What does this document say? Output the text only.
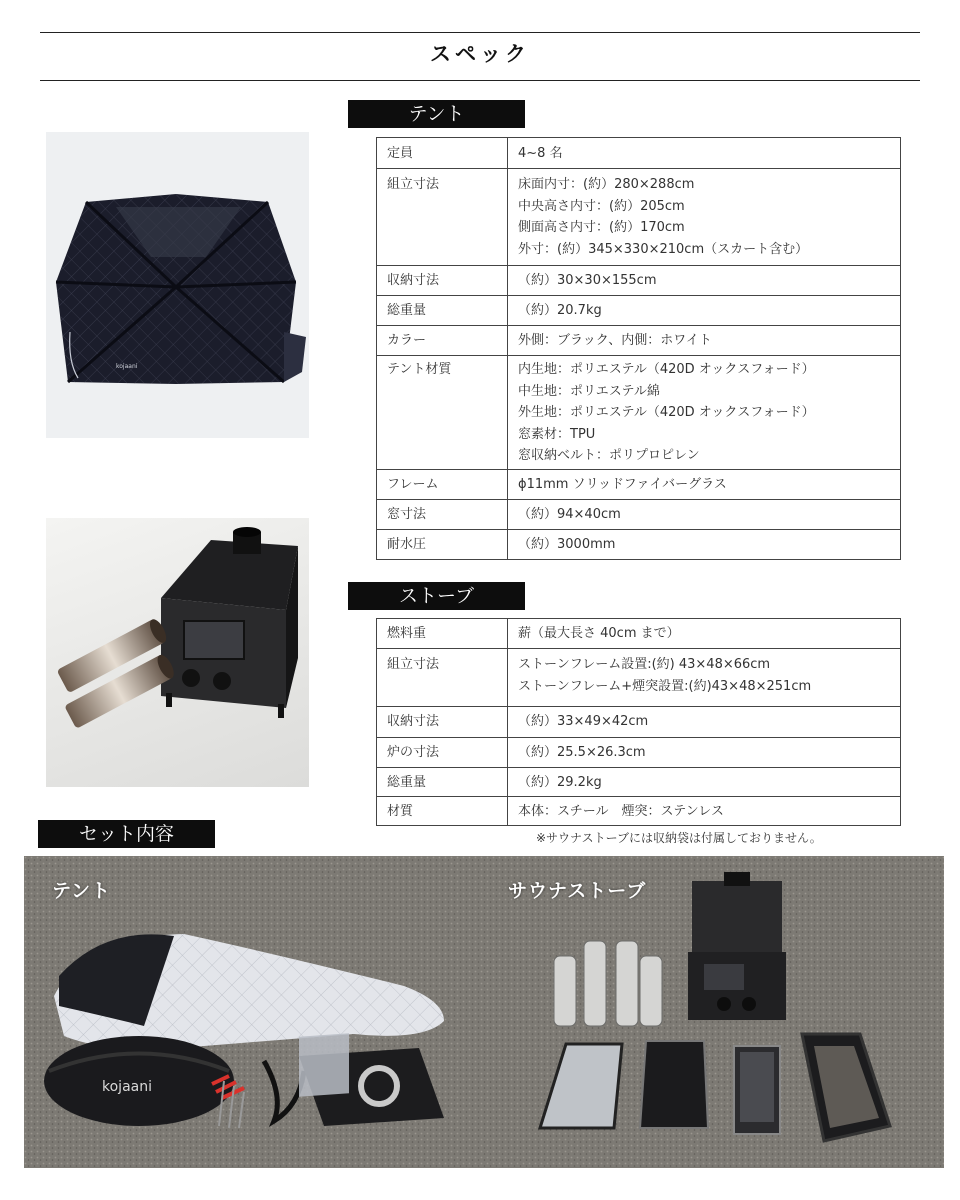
スペック
kojaani
テント
定員	4~8 名

組立寸法	床面内寸：(約）280×288cm
中央高さ内寸：(約）205cm
側面高さ内寸：(約）170cm
外寸：(約）345×330×210cm（スカート含む）

収納寸法	（約）30×30×155cm

総重量	（約）20.7kg

カラー	外側：ブラック、内側：ホワイト

テント材質	内生地：ポリエステル（420D オックスフォード）
中生地：ポリエステル綿
外生地：ポリエステル（420D オックスフォード）
窓素材：TPU
窓収納ベルト：ポリプロピレン

フレーム	ϕ11mm ソリッドファイバーグラス

窓寸法	（約）94×40cm

耐水圧	（約）3000mm
ストーブ
燃料重	薪（最大長さ 40cm まで）

組立寸法	ストーンフレーム設置:(約) 43×48×66cm
ストーンフレーム+煙突設置:(約)43×48×251cm

収納寸法	（約）33×49×42cm

炉の寸法	（約）25.5×26.3cm

総重量	（約）29.2kg

材質	本体：スチール　煙突：ステンレス
※サウナストーブには収納袋は付属しておりません。
セット内容
kojaani
テント	サウナストーブ
